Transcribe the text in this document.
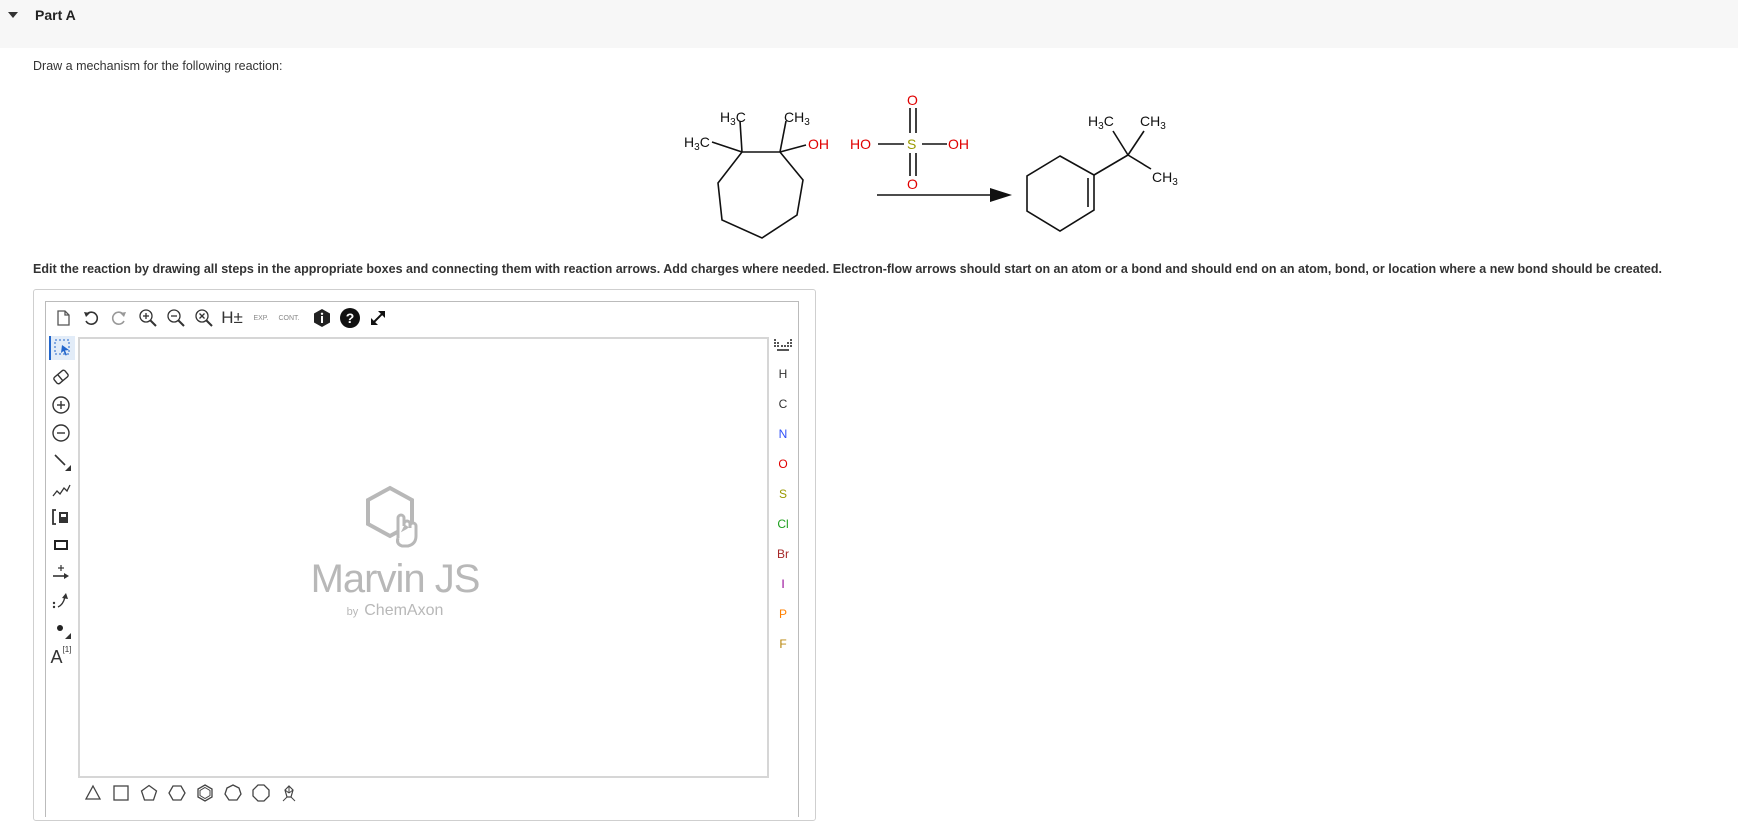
Part A
Draw a mechanism for the following reaction:
$H_3C$	$CH_3$
$H_3C$	OH HO	S OH
O
O
$H_3C$ $CH_3$
$CH_3$
Edit the reaction by drawing all steps in the appropriate boxes and connecting them with reaction arrows. Add charges where needed. Electron-flow arrows should start on an atom or a bond and should end on an atom, bond, or location where a new bond should be created.
H±	EXP.	CONT.	?
A [1]
Marvin JS
by ChemAxon
H
C
N
O
S
Cl
Br
I
P
F
